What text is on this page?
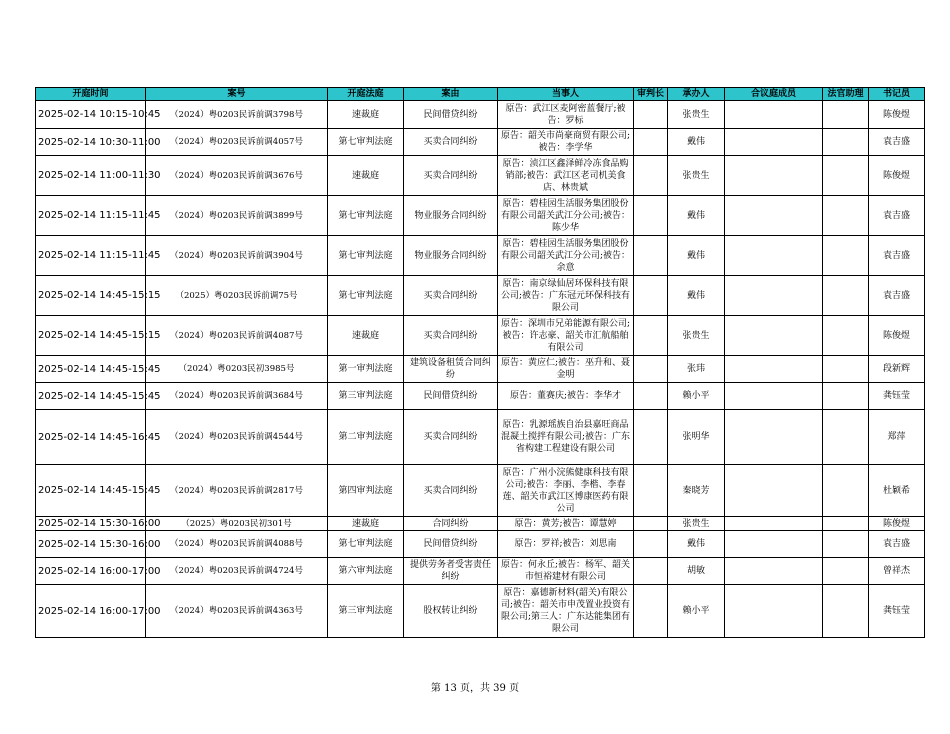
开庭时间	案号	开庭法庭	案由	当事人	审判长	承办人	合议庭成员	法官助理	书记员
2025-02-14 10:15-10:45	（2024）粤0203民诉前调3798号	速裁庭	民间借贷纠纷	原告：武江区麦阿密蓝餐厅;被告：罗标		张贵生			陈俊煜
2025-02-14 10:30-11:00	（2024）粤0203民诉前调4057号	第七审判法庭	买卖合同纠纷	原告：韶关市尚豪商贸有限公司;被告：李学华		戴伟			袁吉盛
2025-02-14 11:00-11:30	（2024）粤0203民诉前调3676号	速裁庭	买卖合同纠纷	原告：浈江区鑫泽鲜冷冻食品购销部;被告：武江区老司机美食店、林贵斌		张贵生			陈俊煜
2025-02-14 11:15-11:45	（2024）粤0203民诉前调3899号	第七审判法庭	物业服务合同纠纷	原告：碧桂园生活服务集团股份有限公司韶关武江分公司;被告：陈少华		戴伟			袁吉盛
2025-02-14 11:15-11:45	（2024）粤0203民诉前调3904号	第七审判法庭	物业服务合同纠纷	原告：碧桂园生活服务集团股份有限公司韶关武江分公司;被告：余意		戴伟			袁吉盛
2025-02-14 14:45-15:15	（2025）粤0203民诉前调75号	第七审判法庭	买卖合同纠纷	原告：南京绿仙居环保科技有限公司;被告：广东冠元环保科技有限公司		戴伟			袁吉盛
2025-02-14 14:45-15:15	（2024）粤0203民诉前调4087号	速裁庭	买卖合同纠纷	原告：深圳市兄弟能源有限公司;被告：许志豪、韶关市汇航船舶有限公司		张贵生			陈俊煜
2025-02-14 14:45-15:45	（2024）粤0203民初3985号	第一审判法庭	建筑设备租赁合同纠纷	原告：黄应仁;被告：巫升和、聂金明		张玮			段新辉
2025-02-14 14:45-15:45	（2024）粤0203民诉前调3684号	第三审判法庭	民间借贷纠纷	原告：董赛庆;被告：李华才		赖小平			龚钰莹
2025-02-14 14:45-16:45	（2024）粤0203民诉前调4544号	第二审判法庭	买卖合同纠纷	原告：乳源瑶族自治县嘉旺商品混凝土搅拌有限公司;被告：广东省构建工程建设有限公司		张明华			郑萍
2025-02-14 14:45-15:45	（2024）粤0203民诉前调2817号	第四审判法庭	买卖合同纠纷	原告：广州小浣熊健康科技有限公司;被告：李丽、李楷、李春莲、韶关市武江区博康医药有限公司		秦晓芳			杜颖希
2025-02-14 15:30-16:00	（2025）粤0203民初301号	速裁庭	合同纠纷	原告：黄芳;被告：谭慧婷		张贵生			陈俊煜
2025-02-14 15:30-16:00	（2024）粤0203民诉前调4088号	第七审判法庭	民间借贷纠纷	原告：罗祥;被告：刘思南		戴伟			袁吉盛
2025-02-14 16:00-17:00	（2024）粤0203民诉前调4724号	第六审判法庭	提供劳务者受害责任纠纷	原告：何永丘;被告：杨军、韶关市恒裕建材有限公司		胡敏			曾祥杰
2025-02-14 16:00-17:00	（2024）粤0203民诉前调4363号	第三审判法庭	股权转让纠纷	原告：嘉德新材料(韶关)有限公司;被告：韶关市申茂置业投资有限公司;第三人：广东达能集团有限公司		赖小平			龚钰莹
第 13 页，共 39 页
